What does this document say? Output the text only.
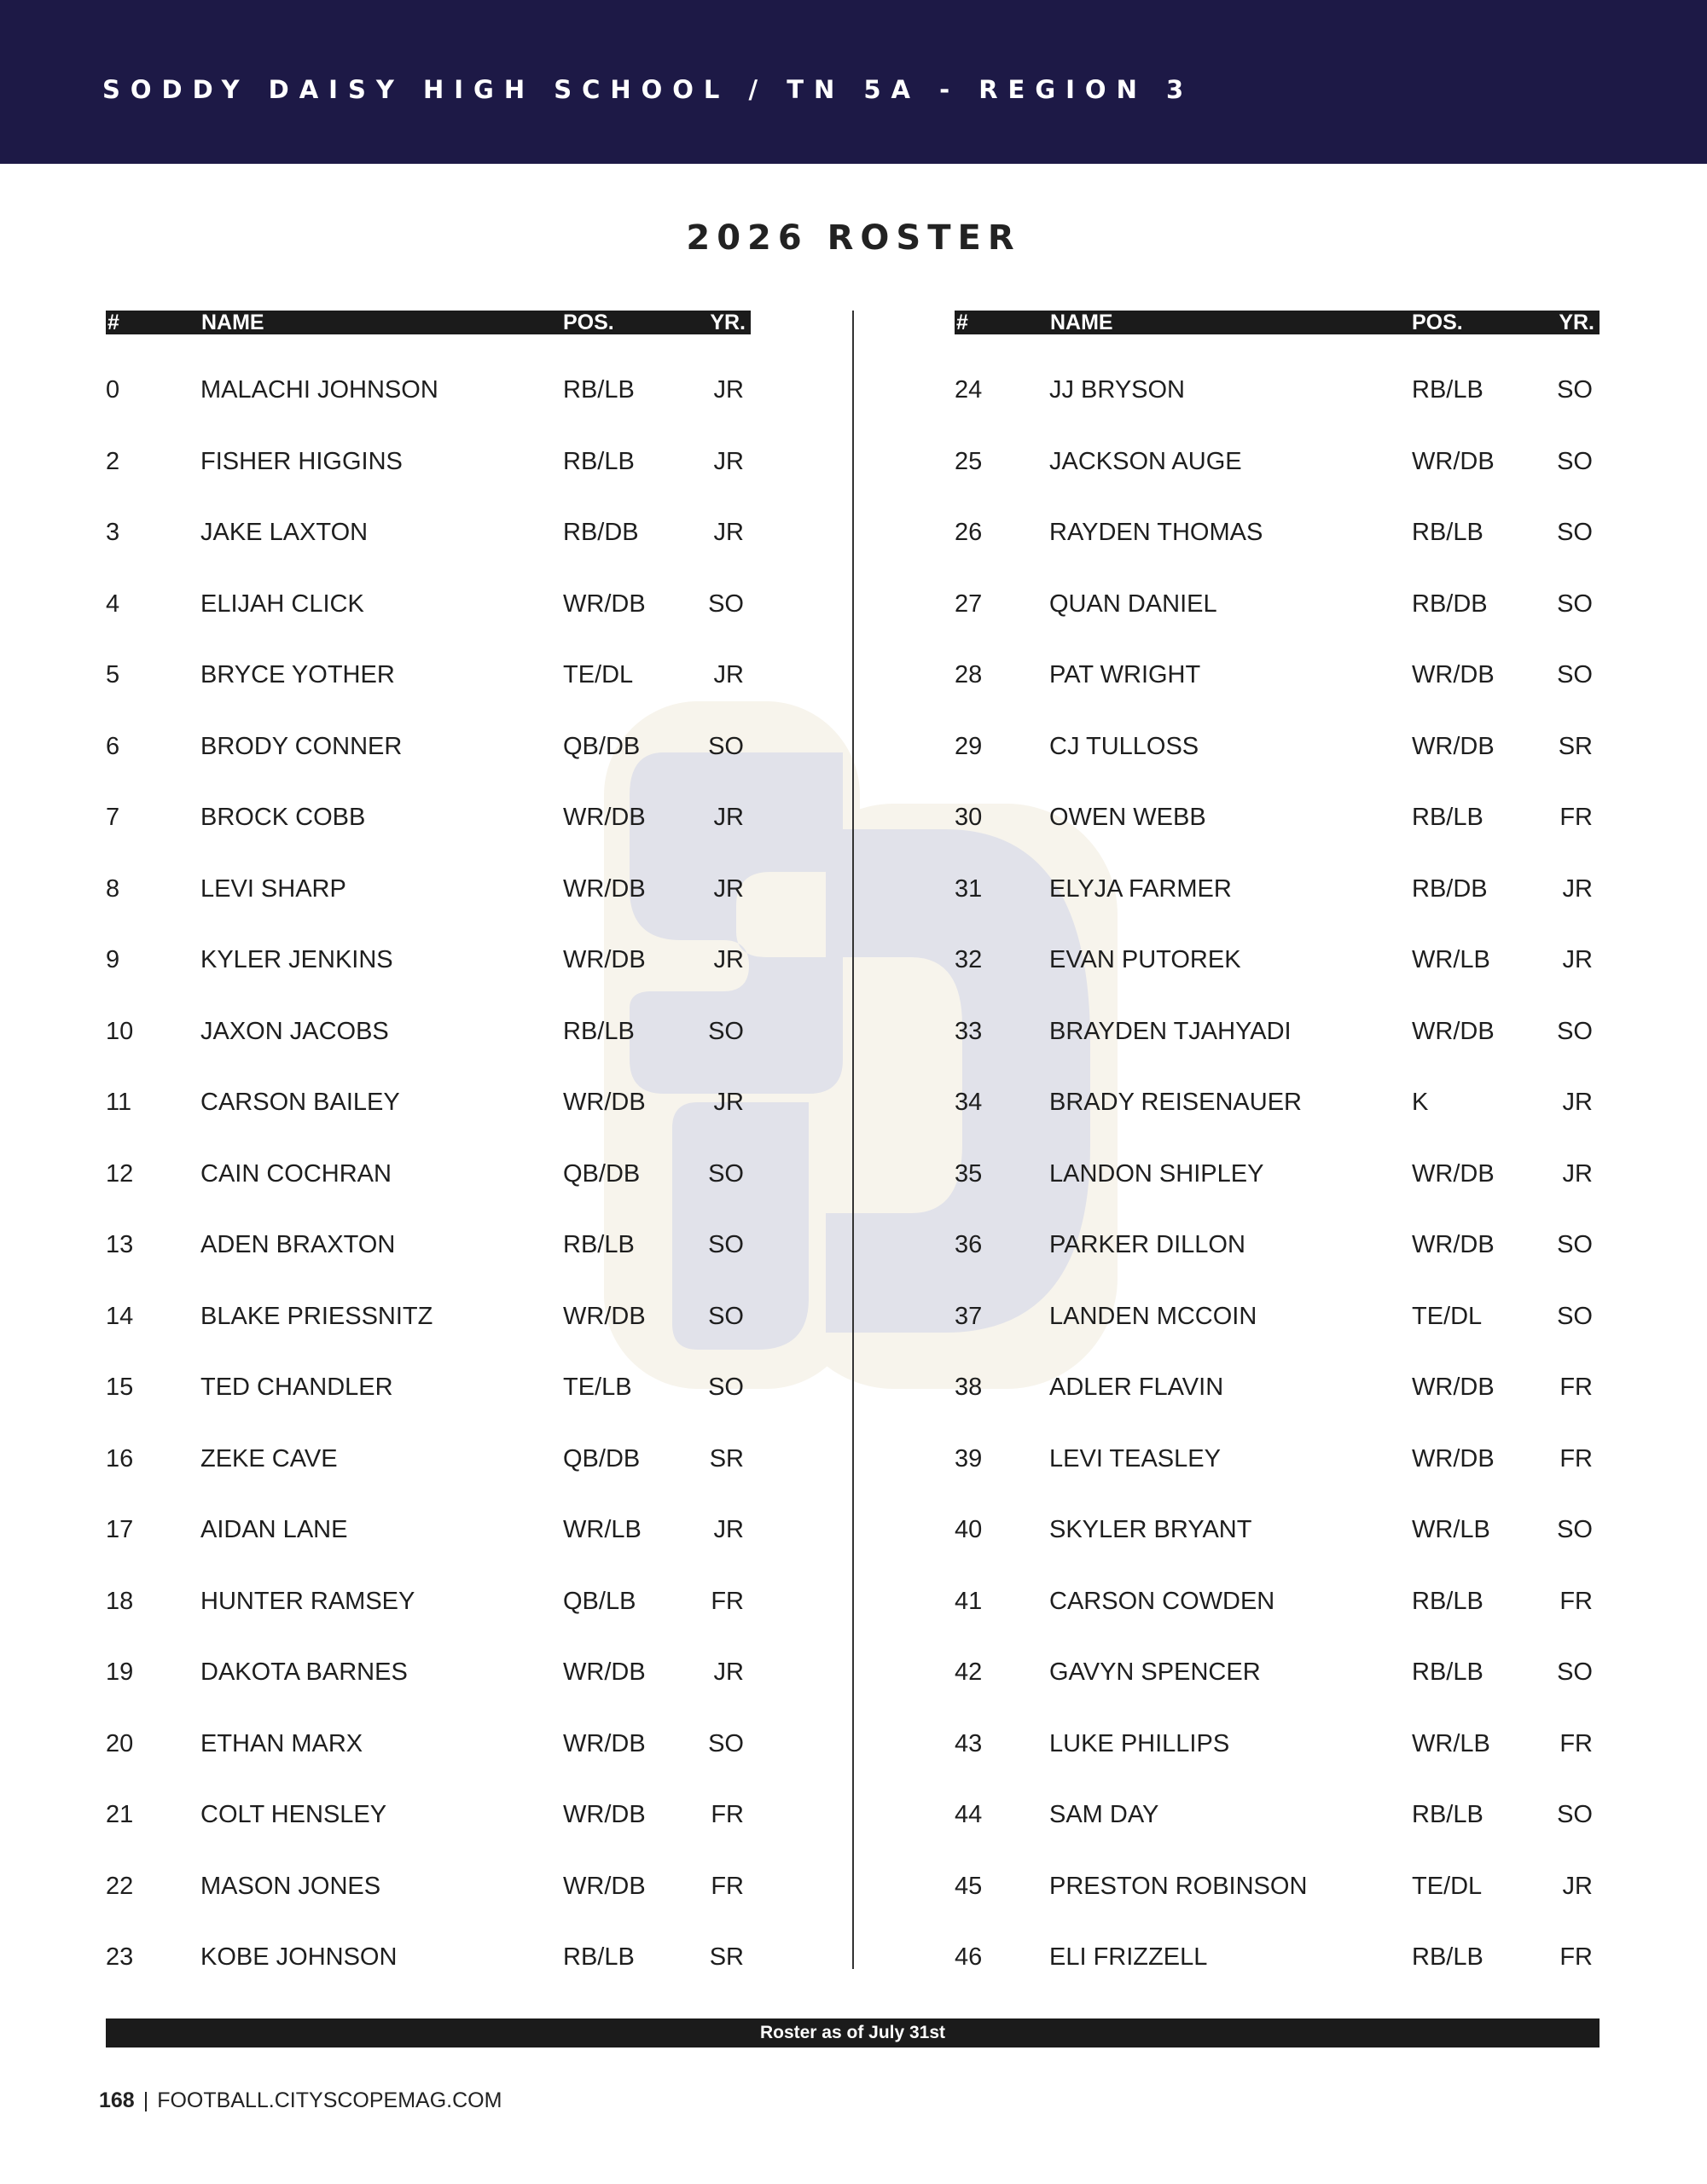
SODDY DAISY HIGH SCHOOL / TN 5A - REGION 3
2026 ROSTER
#	NAME	POS.	YR.
0	MALACHI JOHNSON	RB/LB	JR
2	FISHER HIGGINS	RB/LB	JR
3	JAKE LAXTON	RB/DB	JR
4	ELIJAH CLICK	WR/DB	SO
5	BRYCE YOTHER	TE/DL	JR
6	BRODY CONNER	QB/DB	SO
7	BROCK COBB	WR/DB	JR
8	LEVI SHARP	WR/DB	JR
9	KYLER JENKINS	WR/DB	JR
10	JAXON JACOBS	RB/LB	SO
11	CARSON BAILEY	WR/DB	JR
12	CAIN COCHRAN	QB/DB	SO
13	ADEN BRAXTON	RB/LB	SO
14	BLAKE PRIESSNITZ	WR/DB	SO
15	TED CHANDLER	TE/LB	SO
16	ZEKE CAVE	QB/DB	SR
17	AIDAN LANE	WR/LB	JR
18	HUNTER RAMSEY	QB/LB	FR
19	DAKOTA BARNES	WR/DB	JR
20	ETHAN MARX	WR/DB	SO
21	COLT HENSLEY	WR/DB	FR
22	MASON JONES	WR/DB	FR
23	KOBE JOHNSON	RB/LB	SR
#	NAME	POS.	YR.
24	JJ BRYSON	RB/LB	SO
25	JACKSON AUGE	WR/DB	SO
26	RAYDEN THOMAS	RB/LB	SO
27	QUAN DANIEL	RB/DB	SO
28	PAT WRIGHT	WR/DB	SO
29	CJ TULLOSS	WR/DB	SR
30	OWEN WEBB	RB/LB	FR
31	ELYJA FARMER	RB/DB	JR
32	EVAN PUTOREK	WR/LB	JR
33	BRAYDEN TJAHYADI	WR/DB	SO
34	BRADY REISENAUER	K	JR
35	LANDON SHIPLEY	WR/DB	JR
36	PARKER DILLON	WR/DB	SO
37	LANDEN MCCOIN	TE/DL	SO
38	ADLER FLAVIN	WR/DB	FR
39	LEVI TEASLEY	WR/DB	FR
40	SKYLER BRYANT	WR/LB	SO
41	CARSON COWDEN	RB/LB	FR
42	GAVYN SPENCER	RB/LB	SO
43	LUKE PHILLIPS	WR/LB	FR
44	SAM DAY	RB/LB	SO
45	PRESTON ROBINSON	TE/DL	JR
46	ELI FRIZZELL	RB/LB	FR
Roster as of July 31st
168 | FOOTBALL.CITYSCOPEMAG.COM
